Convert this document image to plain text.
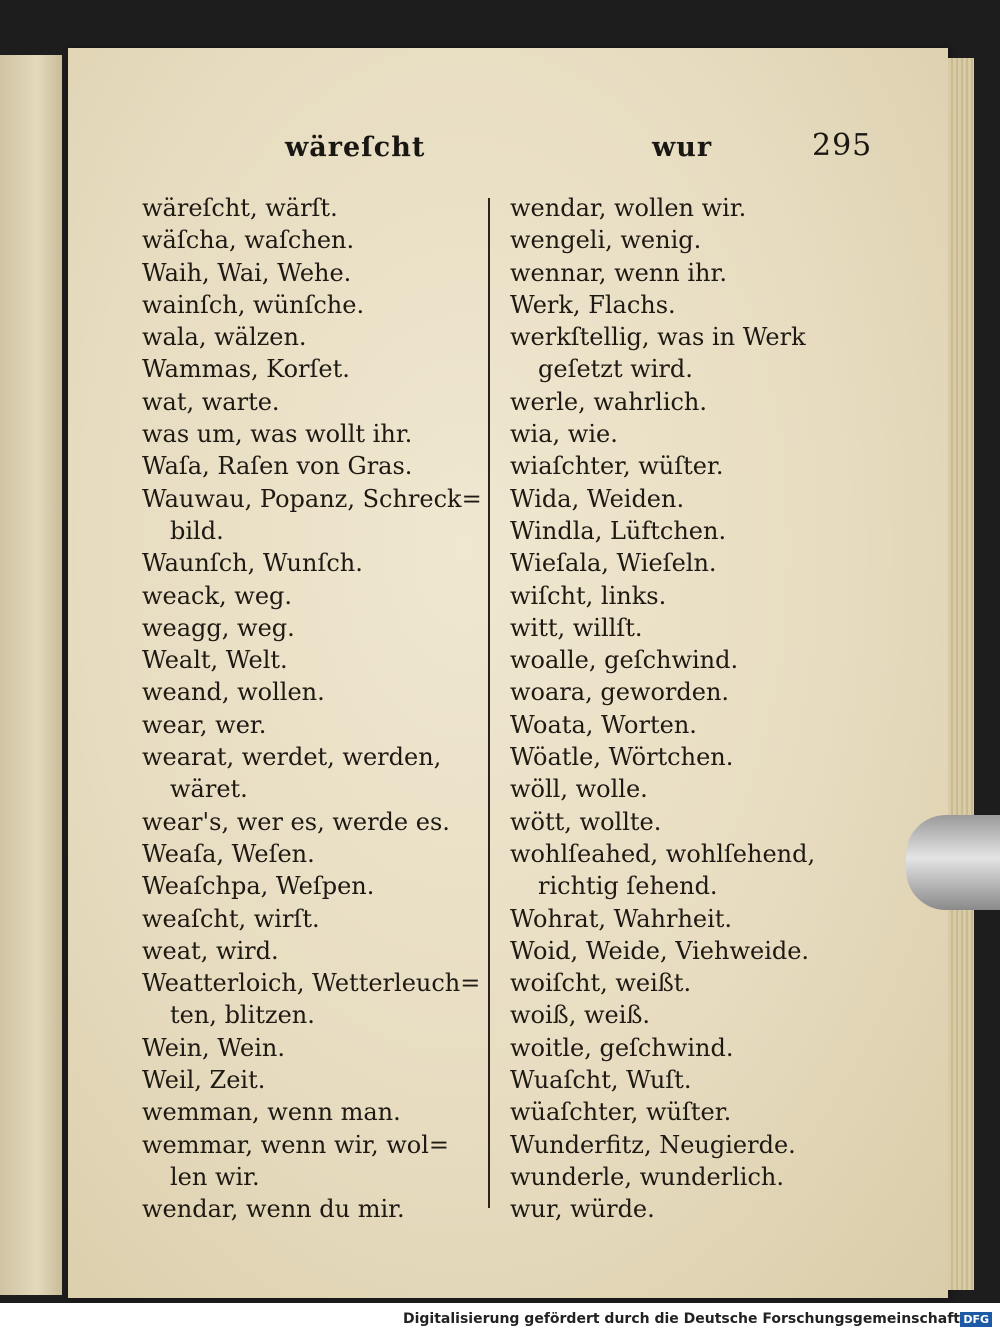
wäreſcht	wur	295
wäreſcht, wärſt.
wäſcha, waſchen.
Waih, Wai, Wehe.
wainſch, wünſche.
wala, wälzen.
Wammas, Korſet.
wat, warte.
was um, was wollt ihr.
Waſa, Raſen von Gras.
Wauwau, Popanz, Schreck=
bild.
Waunſch, Wunſch.
weack, weg.
weagg, weg.
Wealt, Welt.
weand, wollen.
wear, wer.
wearat, werdet, werden,
wäret.
wear's, wer es, werde es.
Weaſa, Weſen.
Weaſchpa, Weſpen.
weaſcht, wirſt.
weat, wird.
Weatterloich, Wetterleuch=
ten, blitzen.
Wein, Wein.
Weil, Zeit.
wemman, wenn man.
wemmar, wenn wir, wol=
len wir.
wendar, wenn du mir.
wendar, wollen wir.
wengeli, wenig.
wennar, wenn ihr.
Werk, Flachs.
werkſtellig, was in Werk
geſetzt wird.
werle, wahrlich.
wia, wie.
wiaſchter, wüſter.
Wida, Weiden.
Windla, Lüftchen.
Wieſala, Wieſeln.
wiſcht, links.
witt, willſt.
woalle, geſchwind.
woara, geworden.
Woata, Worten.
Wöatle, Wörtchen.
wöll, wolle.
wött, wollte.
wohlſeahed, wohlſehend,
richtig ſehend.
Wohrat, Wahrheit.
Woid, Weide, Viehweide.
woiſcht, weißt.
woiß, weiß.
woitle, geſchwind.
Wuaſcht, Wuſt.
wüaſchter, wüſter.
Wunderfitz, Neugierde.
wunderle, wunderlich.
wur, würde.
Digitalisierung gefördert durch die Deutsche Forschungsgemeinschaft DFG
